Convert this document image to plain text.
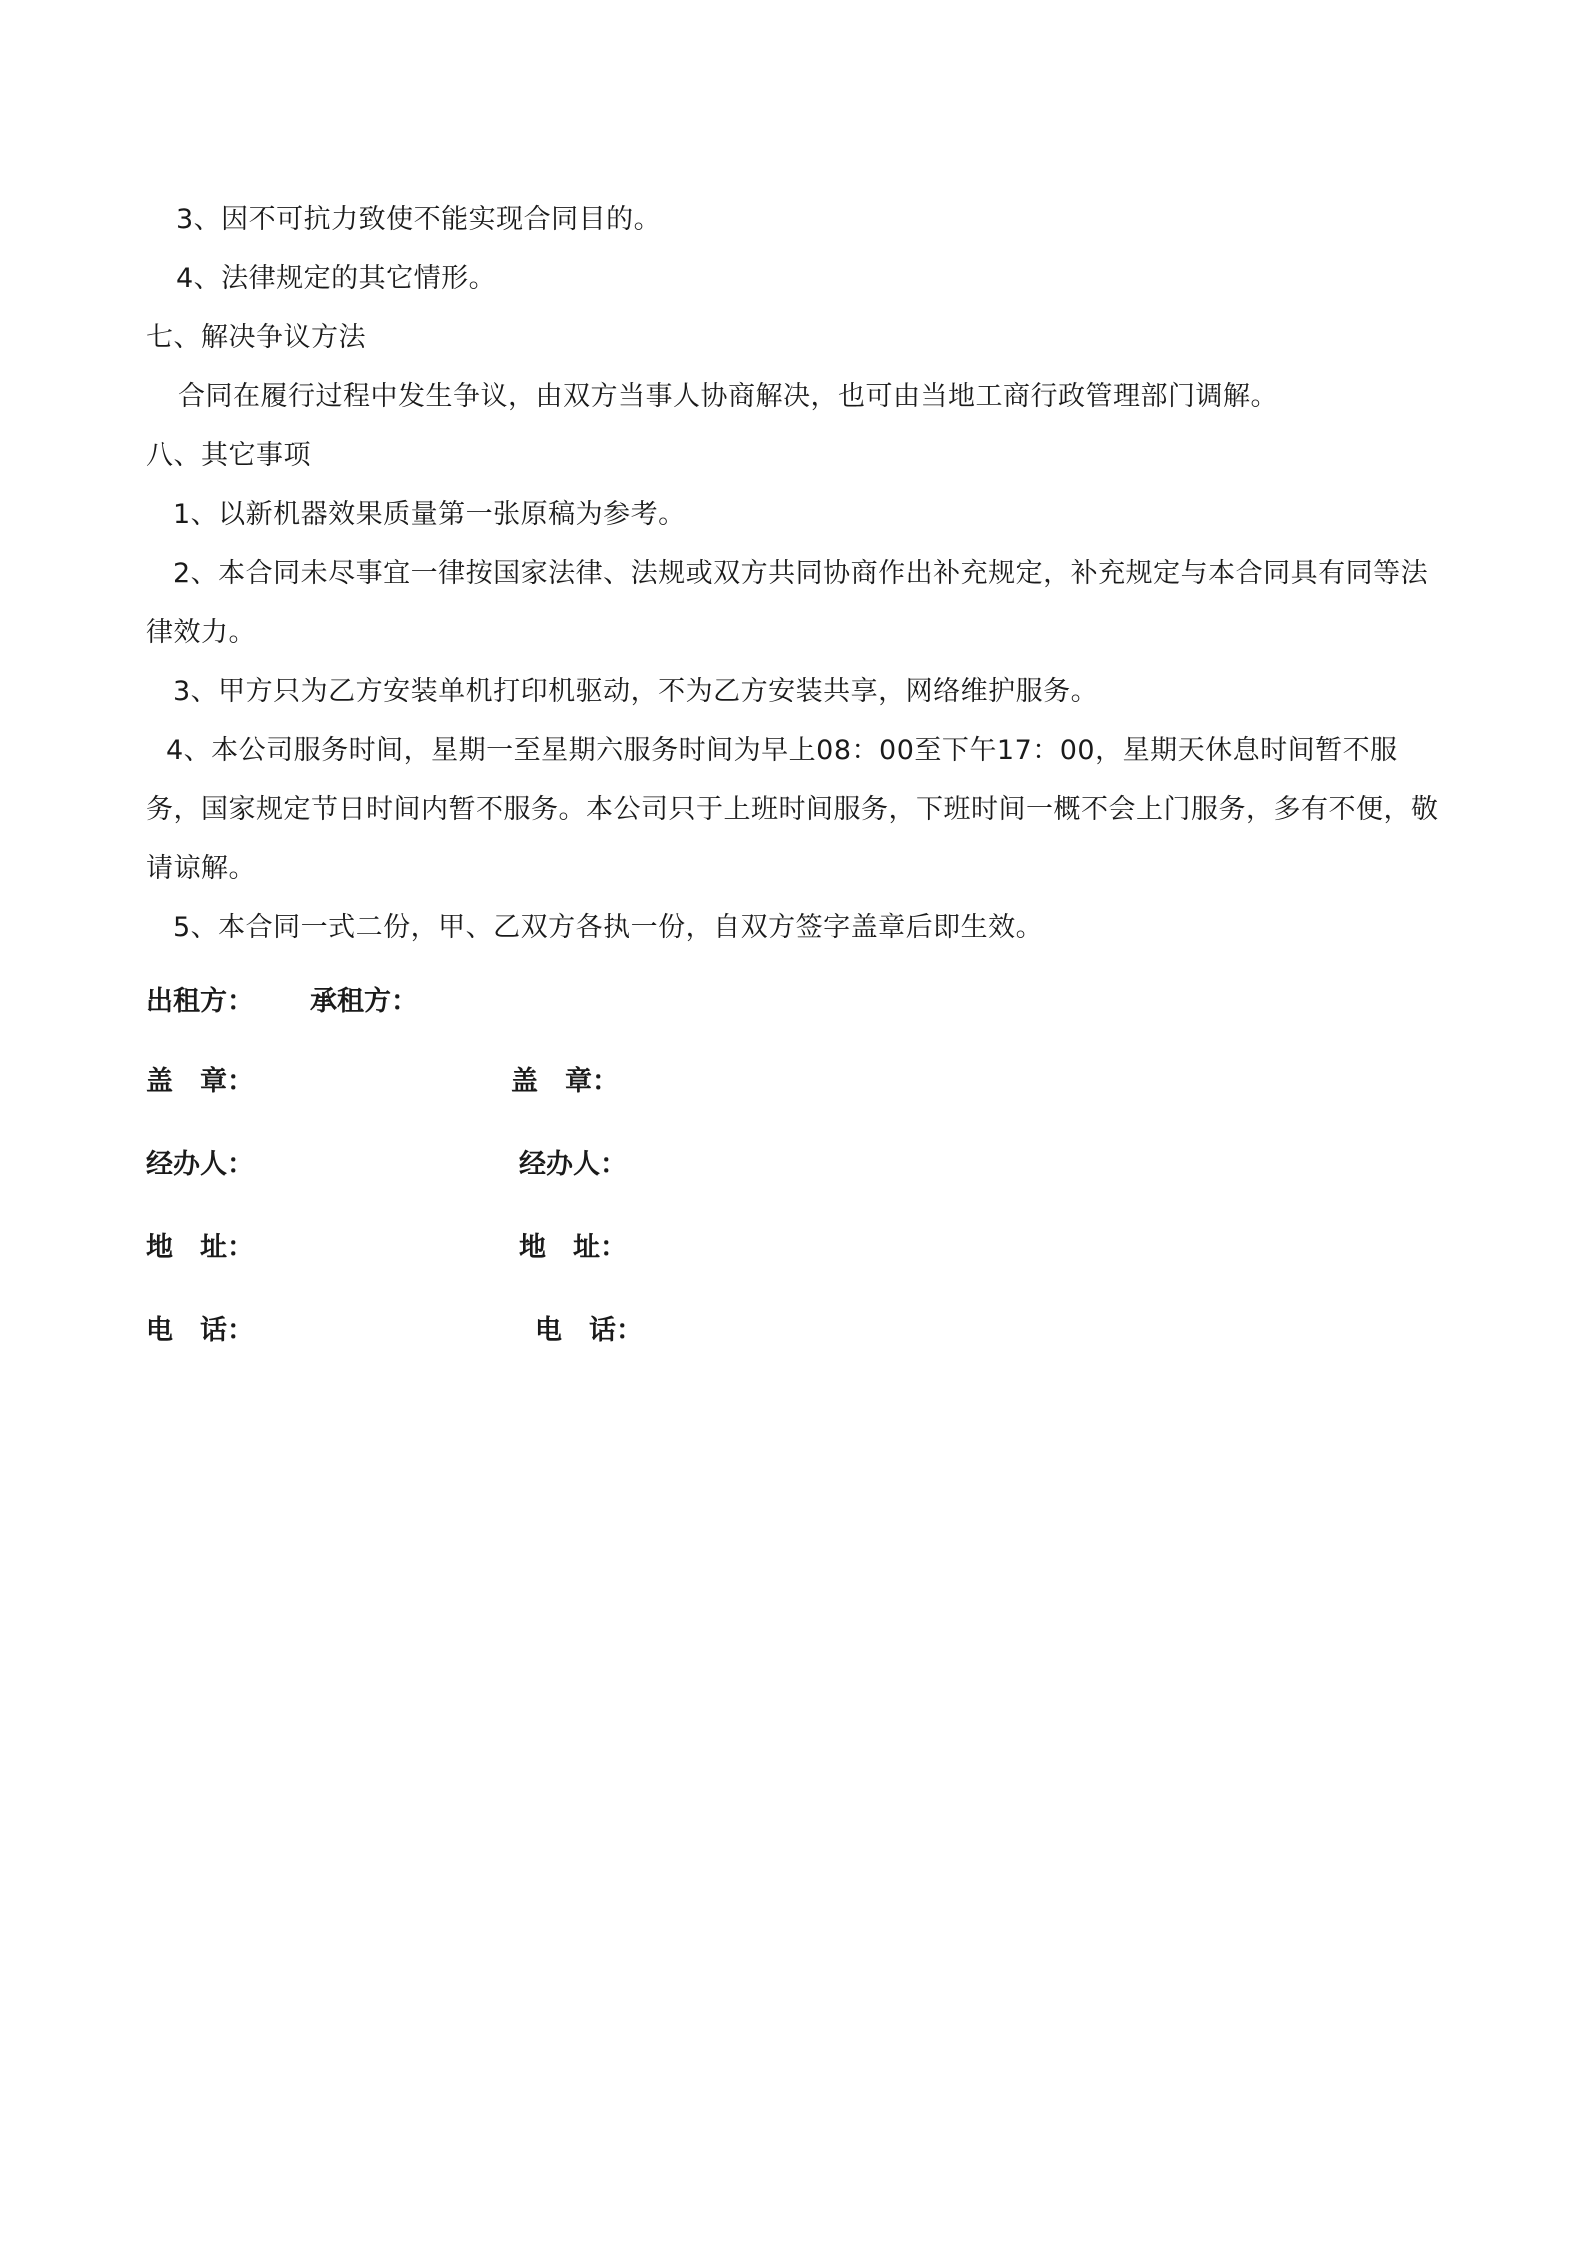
3、因不可抗力致使不能实现合同目的。
4、法律规定的其它情形。
七、解决争议方法
合同在履行过程中发生争议，由双方当事人协商解决，也可由当地工商行政管理部门调解。
八、其它事项
1、以新机器效果质量第一张原稿为参考。
2、本合同未尽事宜一律按国家法律、法规或双方共同协商作出补充规定，补充规定与本合同具有同等法律效力。
3、甲方只为乙方安装单机打印机驱动，不为乙方安装共享，网络维护服务。
4、本公司服务时间，星期一至星期六服务时间为早上08：00至下午17：00，星期天休息时间暂不服务，国家规定节日时间内暂不服务。本公司只于上班时间服务，下班时间一概不会上门服务，多有不便，敬请谅解。
5、本合同一式二份，甲、乙双方各执一份，自双方签字盖章后即生效。
出租方： 承租方：
盖　章：	盖　章：
经办人：	经办人：
地　址：	地　址：
电　话：	电　话：
